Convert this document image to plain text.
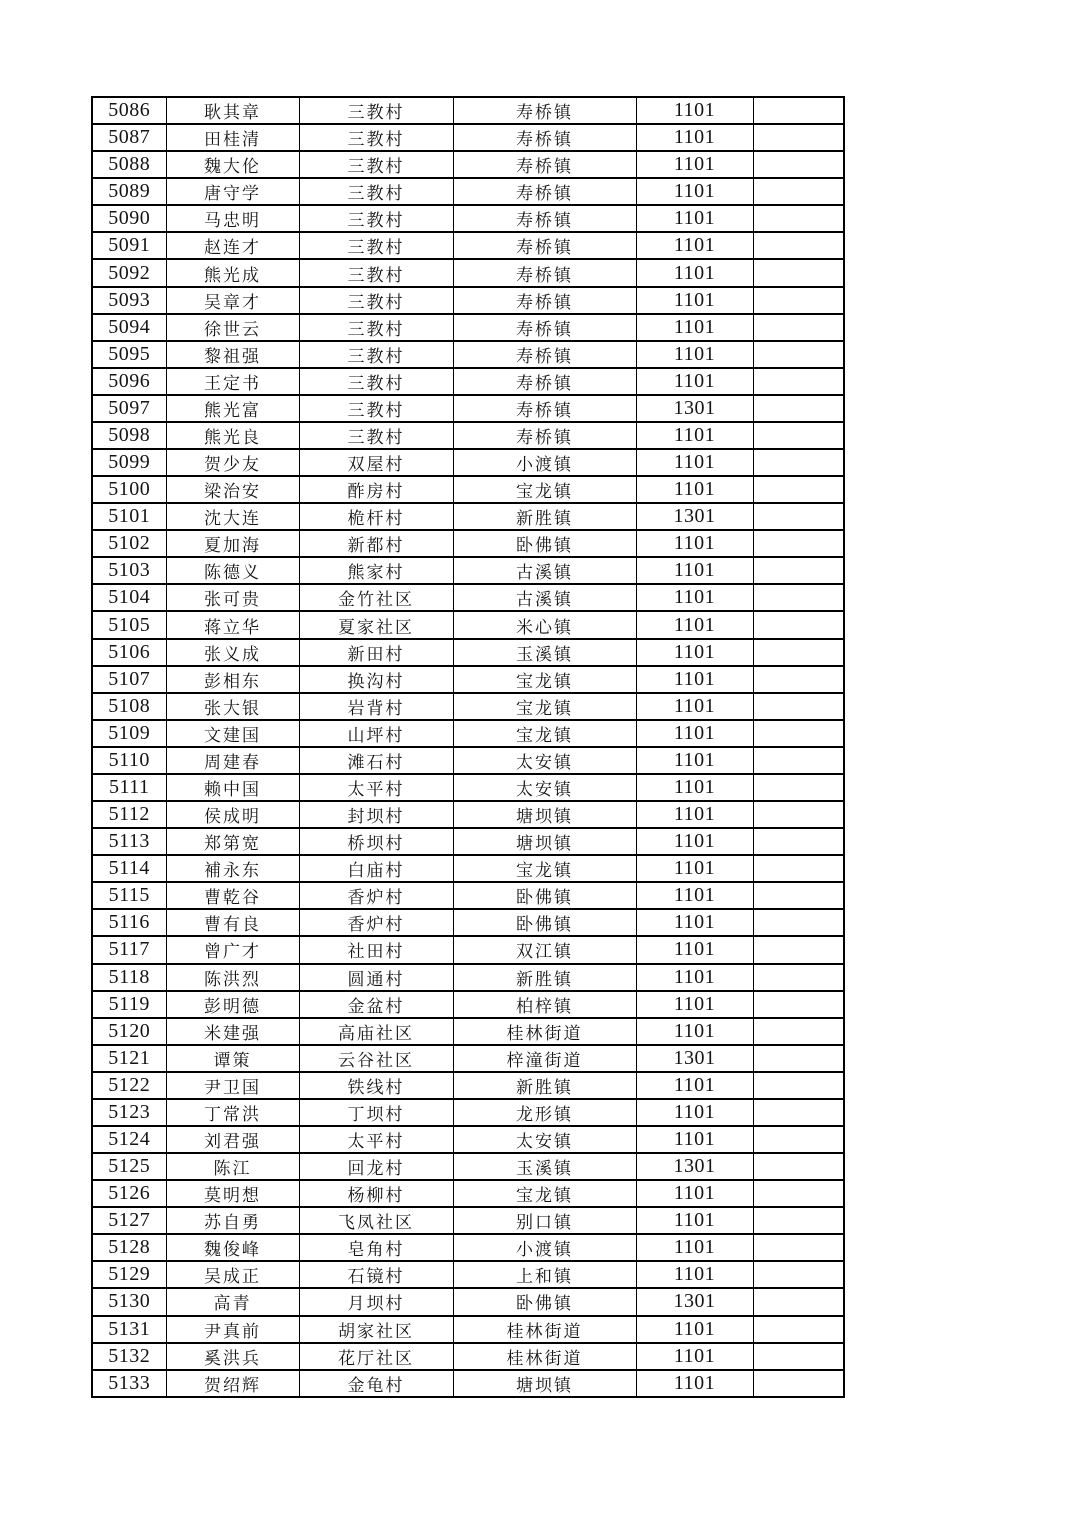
5086	耿其章	三教村	寿桥镇	1101	
5087	田桂清	三教村	寿桥镇	1101	
5088	魏大伦	三教村	寿桥镇	1101	
5089	唐守学	三教村	寿桥镇	1101	
5090	马忠明	三教村	寿桥镇	1101	
5091	赵连才	三教村	寿桥镇	1101	
5092	熊光成	三教村	寿桥镇	1101	
5093	吴章才	三教村	寿桥镇	1101	
5094	徐世云	三教村	寿桥镇	1101	
5095	黎祖强	三教村	寿桥镇	1101	
5096	王定书	三教村	寿桥镇	1101	
5097	熊光富	三教村	寿桥镇	1301	
5098	熊光良	三教村	寿桥镇	1101	
5099	贺少友	双屋村	小渡镇	1101	
5100	梁治安	酢房村	宝龙镇	1101	
5101	沈大连	桅杆村	新胜镇	1301	
5102	夏加海	新都村	卧佛镇	1101	
5103	陈德义	熊家村	古溪镇	1101	
5104	张可贵	金竹社区	古溪镇	1101	
5105	蒋立华	夏家社区	米心镇	1101	
5106	张义成	新田村	玉溪镇	1101	
5107	彭相东	换沟村	宝龙镇	1101	
5108	张大银	岩背村	宝龙镇	1101	
5109	文建国	山坪村	宝龙镇	1101	
5110	周建春	滩石村	太安镇	1101	
5111	赖中国	太平村	太安镇	1101	
5112	侯成明	封坝村	塘坝镇	1101	
5113	郑第宽	桥坝村	塘坝镇	1101	
5114	補永东	白庙村	宝龙镇	1101	
5115	曹乾谷	香炉村	卧佛镇	1101	
5116	曹有良	香炉村	卧佛镇	1101	
5117	曾广才	社田村	双江镇	1101	
5118	陈洪烈	圆通村	新胜镇	1101	
5119	彭明德	金盆村	柏梓镇	1101	
5120	米建强	高庙社区	桂林街道	1101	
5121	谭策	云谷社区	梓潼街道	1301	
5122	尹卫国	铁线村	新胜镇	1101	
5123	丁常洪	丁坝村	龙形镇	1101	
5124	刘君强	太平村	太安镇	1101	
5125	陈江	回龙村	玉溪镇	1301	
5126	莫明想	杨柳村	宝龙镇	1101	
5127	苏自勇	飞凤社区	别口镇	1101	
5128	魏俊峰	皂角村	小渡镇	1101	
5129	吴成正	石镜村	上和镇	1101	
5130	高青	月坝村	卧佛镇	1301	
5131	尹真前	胡家社区	桂林街道	1101	
5132	奚洪兵	花厅社区	桂林街道	1101	
5133	贺绍辉	金龟村	塘坝镇	1101	
